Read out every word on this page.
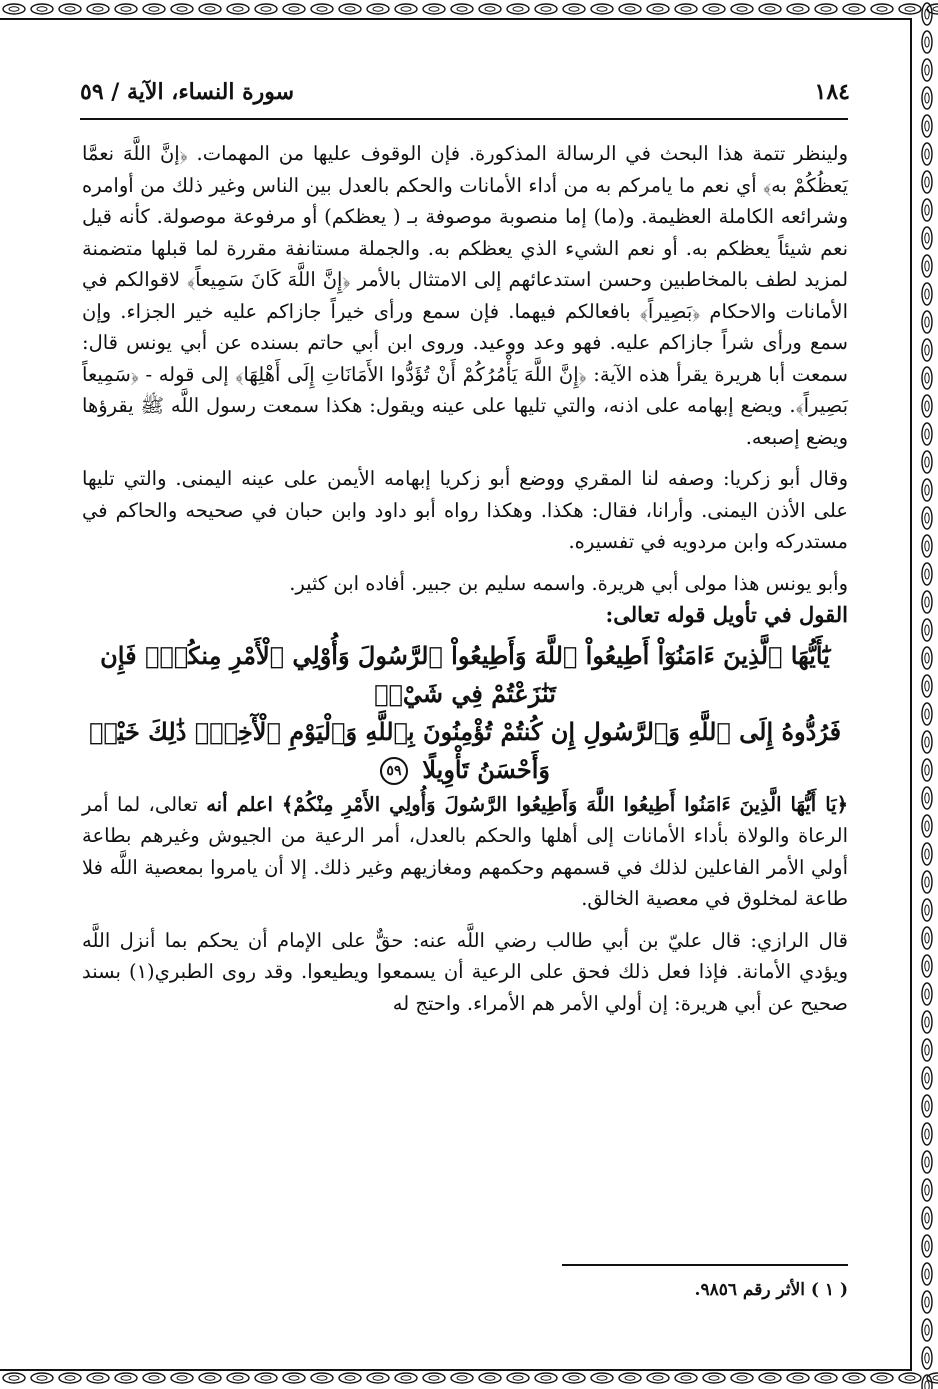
١٨٤
سورة النساء، الآية / ٥٩

ولينظر تتمة هذا البحث في الرسالة المذكورة. فإن الوقوف عليها من المهمات. ﴿إنَّ اللَّهَ نعمَّا يَعظُكُمْ به﴾ أي نعم ما يامركم به من أداء الأمانات والحكم بالعدل بين الناس وغير ذلك من أوامره وشرائعه الكاملة العظيمة. و(ما) إما منصوبة موصوفة بـ ( يعظكم) أو مرفوعة موصولة. كأنه قيل نعم شيئاً يعظكم به. أو نعم الشيء الذي يعظكم به. والجملة مستانفة مقررة لما قبلها متضمنة لمزيد لطف بالمخاطبين وحسن استدعائهم إلى الامتثال بالأمر ﴿إِنَّ اللَّهَ كَانَ سَمِيعاً﴾ لاقوالكم في الأمانات والاحكام ﴿بَصِيراً﴾ بافعالكم فيهما. فإن سمع ورأى خيراً جازاكم عليه خير الجزاء. وإن سمع ورأى شراً جازاكم عليه. فهو وعد ووعيد. وروى ابن أبي حاتم بسنده عن أبي يونس قال: سمعت أبا هريرة يقرأ هذه الآية: ﴿إِنَّ اللَّهَ يَأْمُرُكُمْ أَنْ تُؤَدُّوا الأَمَانَاتِ إِلَى أَهْلِهَا﴾ إلى قوله - ﴿سَمِيعاً بَصِيراً﴾. ويضع إبهامه على اذنه، والتي تليها على عينه ويقول: هكذا سمعت رسول اللَّه ﷺ يقرؤها ويضع إصبعه.

وقال أبو زكريا: وصفه لنا المقري ووضع أبو زكريا إبهامه الأيمن على عينه اليمنى. والتي تليها على الأذن اليمنى. وأرانا، فقال: هكذا. وهكذا رواه أبو داود وابن حبان في صحيحه والحاكم في مستدركه وابن مردويه في تفسيره.

وأبو يونس هذا مولى أبي هريرة. واسمه سليم بن جبير. أفاده ابن كثير.

القول في تأويل قوله تعالى:

يَٰٓأَيُّهَا ٱلَّذِينَ ءَامَنُوٓاْ أَطِيعُواْ ٱللَّهَ وَأَطِيعُواْ ٱلرَّسُولَ وَأُوْلِي ٱلْأَمْرِ مِنكُمْۖ فَإِن تَنَٰزَعْتُمْ فِي شَيْءٖ
فَرُدُّوهُ إِلَى ٱللَّهِ وَٱلرَّسُولِ إِن كُنتُمْ تُؤْمِنُونَ بِٱللَّهِ وَٱلْيَوْمِ ٱلْأٓخِرِۚ ذَٰلِكَ خَيْرٞ
وَأَحْسَنُ تَأْوِيلًا ٥٩

﴿يَا أَيُّهَا الَّذِينَ ءَامَنُوا أَطِيعُوا اللَّهَ وَأَطِيعُوا الرَّسُولَ وَأُولِي الأَمْرِ مِنْكُمْ﴾ اعلم أنه تعالى، لما أمر الرعاة والولاة بأداء الأمانات إلى أهلها والحكم بالعدل، أمر الرعية من الجيوش وغيرهم بطاعة أولي الأمر الفاعلين لذلك في قسمهم وحكمهم ومغازيهم وغير ذلك. إلا أن يامروا بمعصية اللَّه فلا طاعة لمخلوق في معصية الخالق.

قال الرازي: قال عليّ بن أبي طالب رضي اللَّه عنه: حقٌّ على الإمام أن يحكم بما أنزل اللَّه ويؤدي الأمانة. فإذا فعل ذلك فحق على الرعية أن يسمعوا ويطيعوا. وقد روى الطبري(١) بسند صحيح عن أبي هريرة: إن أولي الأمر هم الأمراء. واحتج له

( ١ ) الأثر رقم ٩٨٥٦.
